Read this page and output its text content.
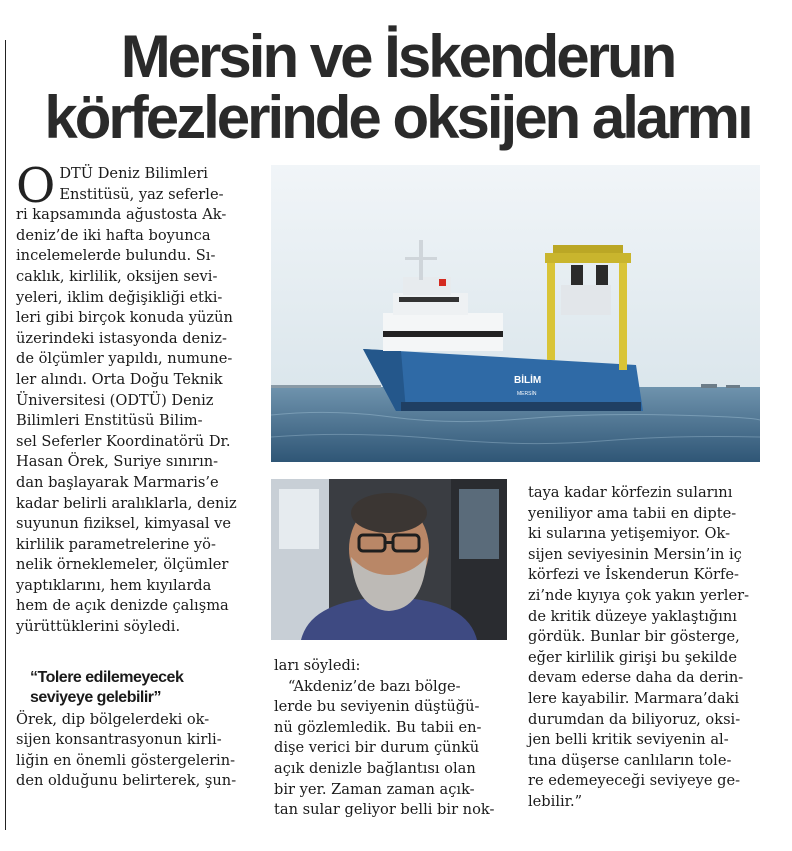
Mersin ve İskenderun
körfezlerinde oksijen alarmı
O DTÜ Deniz Bilimleri
Enstitüsü, yaz seferle-
ri kapsamında ağustosta Ak-
deniz’de iki hafta boyunca
incelemelerde bulundu. Sı-
caklık, kirlilik, oksijen sevi-
yeleri, iklim değişikliği etki-
leri gibi birçok konuda yüzün
üzerindeki istasyonda deniz-
de ölçümler yapıldı, numune-
ler alındı. Orta Doğu Teknik
Üniversitesi (ODTÜ) Deniz
Bilimleri Enstitüsü Bilim-
sel Seferler Koordinatörü Dr.
Hasan Örek, Suriye sınırın-
dan başlayarak Marmaris’e
kadar belirli aralıklarla, deniz
suyunun fiziksel, kimyasal ve
kirlilik parametrelerine yö-
nelik örneklemeler, ölçümler
yaptıklarını, hem kıyılarda
hem de açık denizde çalışma
yürüttüklerini söyledi.

“Tolere edilemeyecek
seviyeye gelebilir”

Örek, dip bölgelerdeki ok-
sijen konsantrasyonun kirli-
liğin en önemli göstergelerin-
den olduğunu belirterek, şun-

BİLİM
MERSİN

ları söyledi:
“Akdeniz’de bazı bölge-
lerde bu seviyenin düştüğü-
nü gözlemledik. Bu tabii en-
dişe verici bir durum çünkü
açık denizle bağlantısı olan
bir yer. Zaman zaman açık-
tan sular geliyor belli bir nok-

taya kadar körfezin sularını
yeniliyor ama tabii en dipte-
ki sularına yetişemiyor. Ok-
sijen seviyesinin Mersin’in iç
körfezi ve İskenderun Körfe-
zi’nde kıyıya çok yakın yerler-
de kritik düzeye yaklaştığını
gördük. Bunlar bir gösterge,
eğer kirlilik girişi bu şekilde
devam ederse daha da derin-
lere kayabilir. Marmara’daki
durumdan da biliyoruz, oksi-
jen belli kritik seviyenin al-
tına düşerse canlıların tole-
re edemeyeceği seviyeye ge-
lebilir.”
